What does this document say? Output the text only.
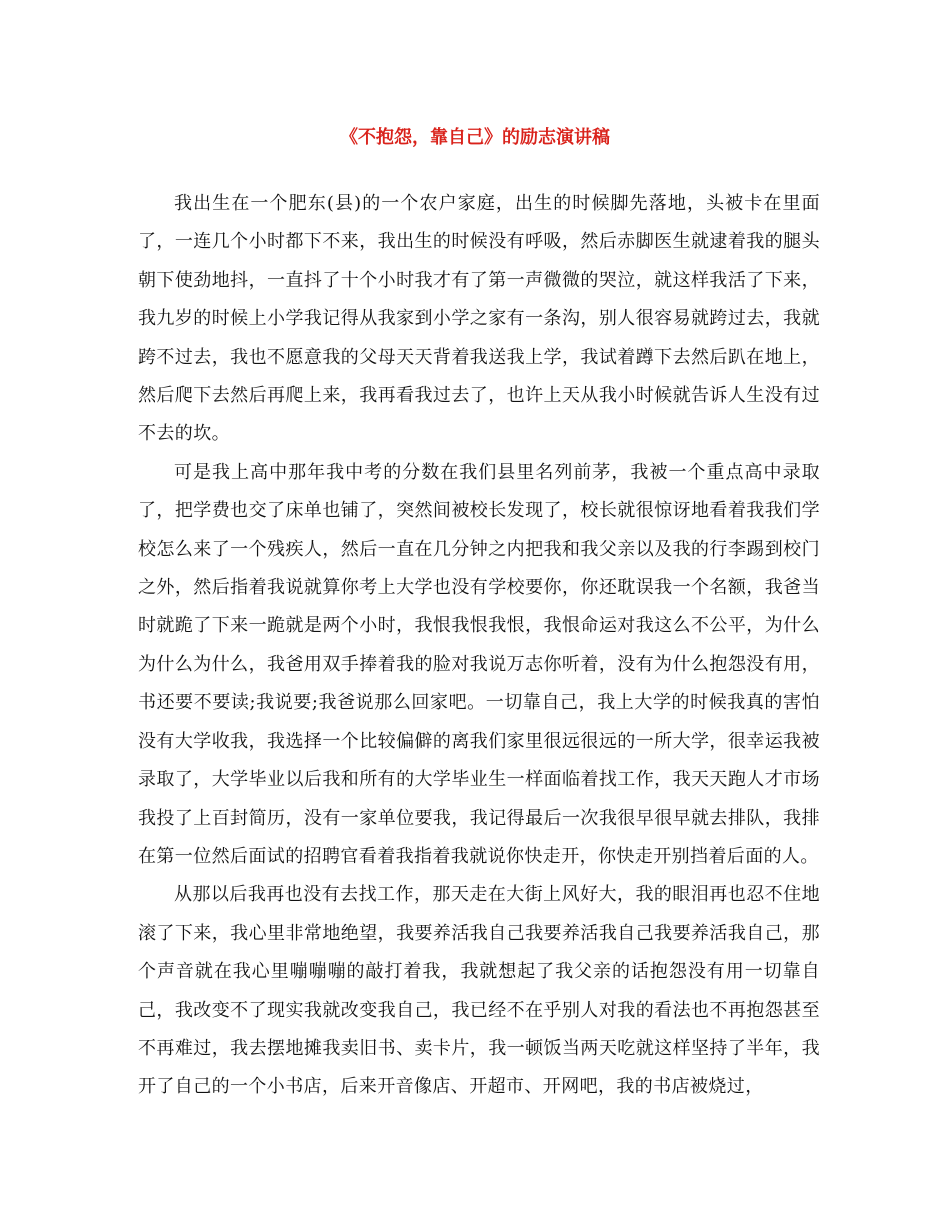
《不抱怨，靠自己》的励志演讲稿

我出生在一个肥东(县)的一个农户家庭，出生的时候脚先落地，头被卡在里面了，一连几个小时都下不来，我出生的时候没有呼吸，然后赤脚医生就逮着我的腿头朝下使劲地抖，一直抖了十个小时我才有了第一声微微的哭泣，就这样我活了下来，我九岁的时候上小学我记得从我家到小学之家有一条沟，别人很容易就跨过去，我就跨不过去，我也不愿意我的父母天天背着我送我上学，我试着蹲下去然后趴在地上，然后爬下去然后再爬上来，我再看我过去了，也许上天从我小时候就告诉人生没有过不去的坎。

可是我上高中那年我中考的分数在我们县里名列前茅，我被一个重点高中录取了，把学费也交了床单也铺了，突然间被校长发现了，校长就很惊讶地看着我我们学校怎么来了一个残疾人，然后一直在几分钟之内把我和我父亲以及我的行李踢到校门之外，然后指着我说就算你考上大学也没有学校要你，你还耽误我一个名额，我爸当时就跪了下来一跪就是两个小时，我恨我恨我恨，我恨命运对我这么不公平，为什么为什么为什么，我爸用双手捧着我的脸对我说万志你听着，没有为什么抱怨没有用，书还要不要读;我说要;我爸说那么回家吧。一切靠自己，我上大学的时候我真的害怕没有大学收我，我选择一个比较偏僻的离我们家里很远很远的一所大学，很幸运我被录取了，大学毕业以后我和所有的大学毕业生一样面临着找工作，我天天跑人才市场我投了上百封简历，没有一家单位要我，我记得最后一次我很早很早就去排队，我排在第一位然后面试的招聘官看着我指着我就说你快走开，你快走开别挡着后面的人。

从那以后我再也没有去找工作，那天走在大街上风好大，我的眼泪再也忍不住地滚了下来，我心里非常地绝望，我要养活我自己我要养活我自己我要养活我自己，那个声音就在我心里嘣嘣嘣的敲打着我，我就想起了我父亲的话抱怨没有用一切靠自己，我改变不了现实我就改变我自己，我已经不在乎别人对我的看法也不再抱怨甚至不再难过，我去摆地摊我卖旧书、卖卡片，我一顿饭当两天吃就这样坚持了半年，我开了自己的一个小书店，后来开音像店、开超市、开网吧，我的书店被烧过，
